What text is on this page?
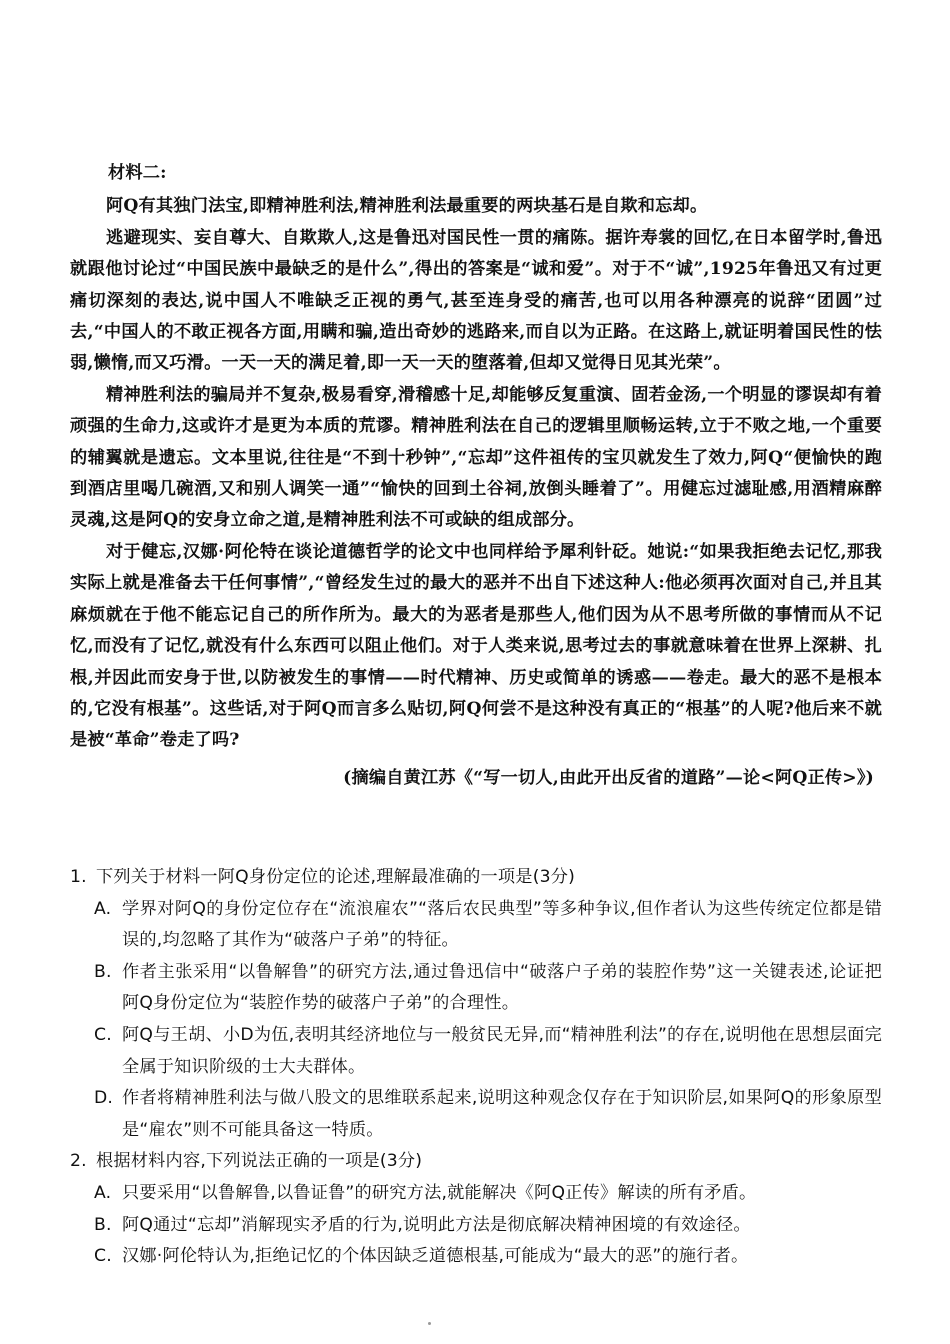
材料二:

阿Q有其独门法宝,即精神胜利法,精神胜利法最重要的两块基石是自欺和忘却。

逃避现实、妄自尊大、自欺欺人,这是鲁迅对国民性一贯的痛陈。据许寿裳的回忆,在日本留学时,鲁迅就跟他讨论过“中国民族中最缺乏的是什么”,得出的答案是“诚和爱”。对于不“诚”,1925年鲁迅又有过更痛切深刻的表达,说中国人不唯缺乏正视的勇气,甚至连身受的痛苦,也可以用各种漂亮的说辞“团圆”过去,“中国人的不敢正视各方面,用瞒和骗,造出奇妙的逃路来,而自以为正路。在这路上,就证明着国民性的怯弱,懒惰,而又巧滑。一天一天的满足着,即一天一天的堕落着,但却又觉得日见其光荣”。

精神胜利法的骗局并不复杂,极易看穿,滑稽感十足,却能够反复重演、固若金汤,一个明显的谬误却有着顽强的生命力,这或许才是更为本质的荒谬。精神胜利法在自己的逻辑里顺畅运转,立于不败之地,一个重要的辅翼就是遗忘。文本里说,往往是“不到十秒钟”,“忘却”这件祖传的宝贝就发生了效力,阿Q“便愉快的跑到酒店里喝几碗酒,又和别人调笑一通”“愉快的回到土谷祠,放倒头睡着了”。用健忘过滤耻感,用酒精麻醉灵魂,这是阿Q的安身立命之道,是精神胜利法不可或缺的组成部分。

对于健忘,汉娜·阿伦特在谈论道德哲学的论文中也同样给予犀利针砭。她说:“如果我拒绝去记忆,那我实际上就是准备去干任何事情”,“曾经发生过的最大的恶并不出自下述这种人:他必须再次面对自己,并且其麻烦就在于他不能忘记自己的所作所为。最大的为恶者是那些人,他们因为从不思考所做的事情而从不记忆,而没有了记忆,就没有什么东西可以阻止他们。对于人类来说,思考过去的事就意味着在世界上深耕、扎根,并因此而安身于世,以防被发生的事情——时代精神、历史或简单的诱惑——卷走。最大的恶不是根本的,它没有根基”。这些话,对于阿Q而言多么贴切,阿Q何尝不是这种没有真正的“根基”的人呢?他后来不就是被“革命”卷走了吗?

(摘编自黄江苏《“写一切人,由此开出反省的道路”—论<阿Q正传>》)
1. 下列关于材料一阿Q身份定位的论述,理解最准确的一项是(3分)
A. 学界对阿Q的身份定位存在“流浪雇农”“落后农民典型”等多种争议,但作者认为这些传统定位都是错误的,均忽略了其作为“破落户子弟”的特征。
B. 作者主张采用“以鲁解鲁”的研究方法,通过鲁迅信中“破落户子弟的装腔作势”这一关键表述,论证把阿Q身份定位为“装腔作势的破落户子弟”的合理性。
C. 阿Q与王胡、小D为伍,表明其经济地位与一般贫民无异,而“精神胜利法”的存在,说明他在思想层面完全属于知识阶级的士大夫群体。
D. 作者将精神胜利法与做八股文的思维联系起来,说明这种观念仅存在于知识阶层,如果阿Q的形象原型是“雇农”则不可能具备这一特质。
2. 根据材料内容,下列说法正确的一项是(3分)
A. 只要采用“以鲁解鲁,以鲁证鲁”的研究方法,就能解决《阿Q正传》解读的所有矛盾。
B. 阿Q通过“忘却”消解现实矛盾的行为,说明此方法是彻底解决精神困境的有效途径。
C. 汉娜·阿伦特认为,拒绝记忆的个体因缺乏道德根基,可能成为“最大的恶”的施行者。
